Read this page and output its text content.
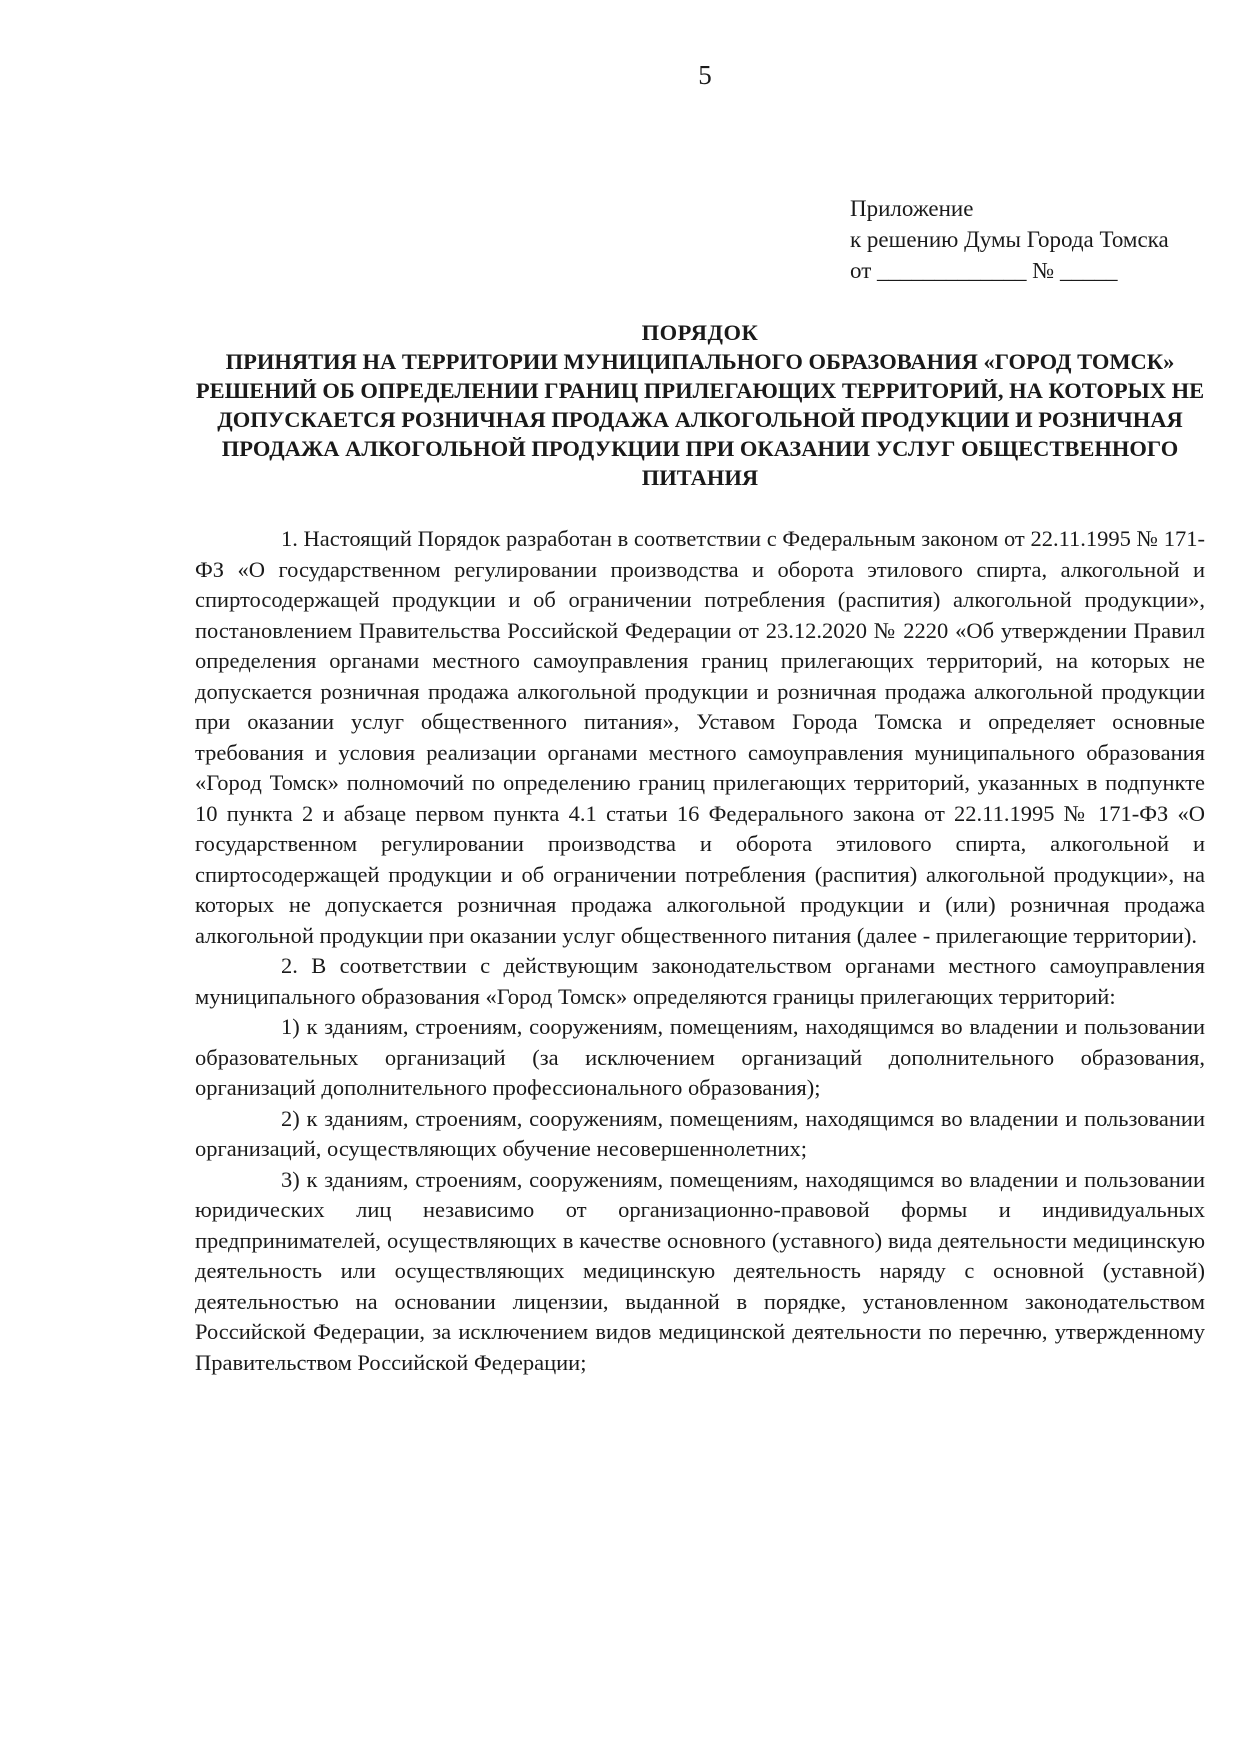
5
Приложение
к решению Думы Города Томска
от _____________ № _____
ПОРЯДОК
ПРИНЯТИЯ НА ТЕРРИТОРИИ МУНИЦИПАЛЬНОГО ОБРАЗОВАНИЯ «ГОРОД ТОМСК» РЕШЕНИЙ ОБ ОПРЕДЕЛЕНИИ ГРАНИЦ ПРИЛЕГАЮЩИХ ТЕРРИТОРИЙ, НА КОТОРЫХ НЕ ДОПУСКАЕТСЯ РОЗНИЧНАЯ ПРОДАЖА АЛКОГОЛЬНОЙ ПРОДУКЦИИ И РОЗНИЧНАЯ ПРОДАЖА АЛКОГОЛЬНОЙ ПРОДУКЦИИ ПРИ ОКАЗАНИИ УСЛУГ ОБЩЕСТВЕННОГО ПИТАНИЯ

1. Настоящий Порядок разработан в соответствии с Федеральным законом от 22.11.1995 № 171-ФЗ «О государственном регулировании производства и оборота этилового спирта, алкогольной и спиртосодержащей продукции и об ограничении потребления (распития) алкогольной продукции», постановлением Правительства Российской Федерации от 23.12.2020 № 2220 «Об утверждении Правил определения органами местного самоуправления границ прилегающих территорий, на которых не допускается розничная продажа алкогольной продукции и розничная продажа алкогольной продукции при оказании услуг общественного питания», Уставом Города Томска и определяет основные требования и условия реализации органами местного самоуправления муниципального образования «Город Томск» полномочий по определению границ прилегающих территорий, указанных в подпункте 10 пункта 2 и абзаце первом пункта 4.1 статьи 16 Федерального закона от 22.11.1995 № 171-ФЗ «О государственном регулировании производства и оборота этилового спирта, алкогольной и спиртосодержащей продукции и об ограничении потребления (распития) алкогольной продукции», на которых не допускается розничная продажа алкогольной продукции и (или) розничная продажа алкогольной продукции при оказании услуг общественного питания (далее - прилегающие территории).

2. В соответствии с действующим законодательством органами местного самоуправления муниципального образования «Город Томск» определяются границы прилегающих территорий:

1) к зданиям, строениям, сооружениям, помещениям, находящимся во владении и пользовании образовательных организаций (за исключением организаций дополнительного образования, организаций дополнительного профессионального образования);

2) к зданиям, строениям, сооружениям, помещениям, находящимся во владении и пользовании организаций, осуществляющих обучение несовершеннолетних;

3) к зданиям, строениям, сооружениям, помещениям, находящимся во владении и пользовании юридических лиц независимо от организационно-правовой формы и индивидуальных предпринимателей, осуществляющих в качестве основного (уставного) вида деятельности медицинскую деятельность или осуществляющих медицинскую деятельность наряду с основной (уставной) деятельностью на основании лицензии, выданной в порядке, установленном законодательством Российской Федерации, за исключением видов медицинской деятельности по перечню, утвержденному Правительством Российской Федерации;
